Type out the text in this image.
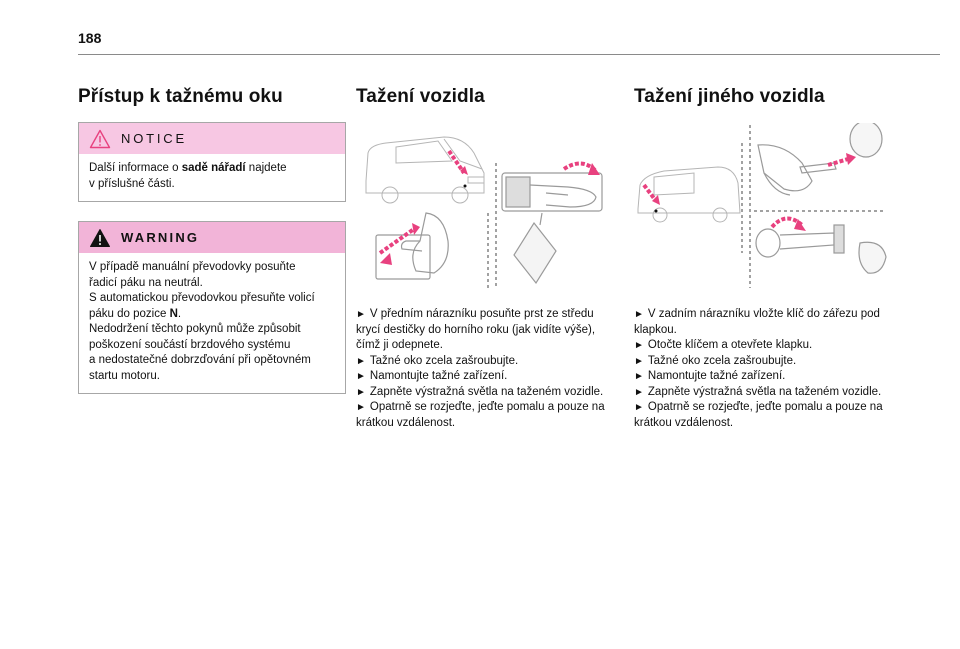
188
Přístup k tažnému oku
NOTICE
Další informace o sadě nářadí najdete
v příslušné části.
WARNING
V případě manuální převodovky posuňte
řadicí páku na neutrál.
S automatickou převodovkou přesuňte volicí
páku do pozice N.
Nedodržení těchto pokynů může způsobit
poškození součástí brzdového systému
a nedostatečné dobrzďování při opětovném
startu motoru.
Tažení vozidla

► V předním nárazníku posuňte prst ze středu krycí destičky do horního roku (jak vidíte výše), čímž ji odepnete.

► Tažné oko zcela zašroubujte.

► Namontujte tažné zařízení.

► Zapněte výstražná světla na taženém vozidle.

► Opatrně se rozjeďte, jeďte pomalu a pouze na krátkou vzdálenost.

Tažení jiného vozidla

► V zadním nárazníku vložte klíč do zářezu pod klapkou.

► Otočte klíčem a otevřete klapku.

► Tažné oko zcela zašroubujte.

► Namontujte tažné zařízení.

► Zapněte výstražná světla na taženém vozidle.

► Opatrně se rozjeďte, jeďte pomalu a pouze na krátkou vzdálenost.
